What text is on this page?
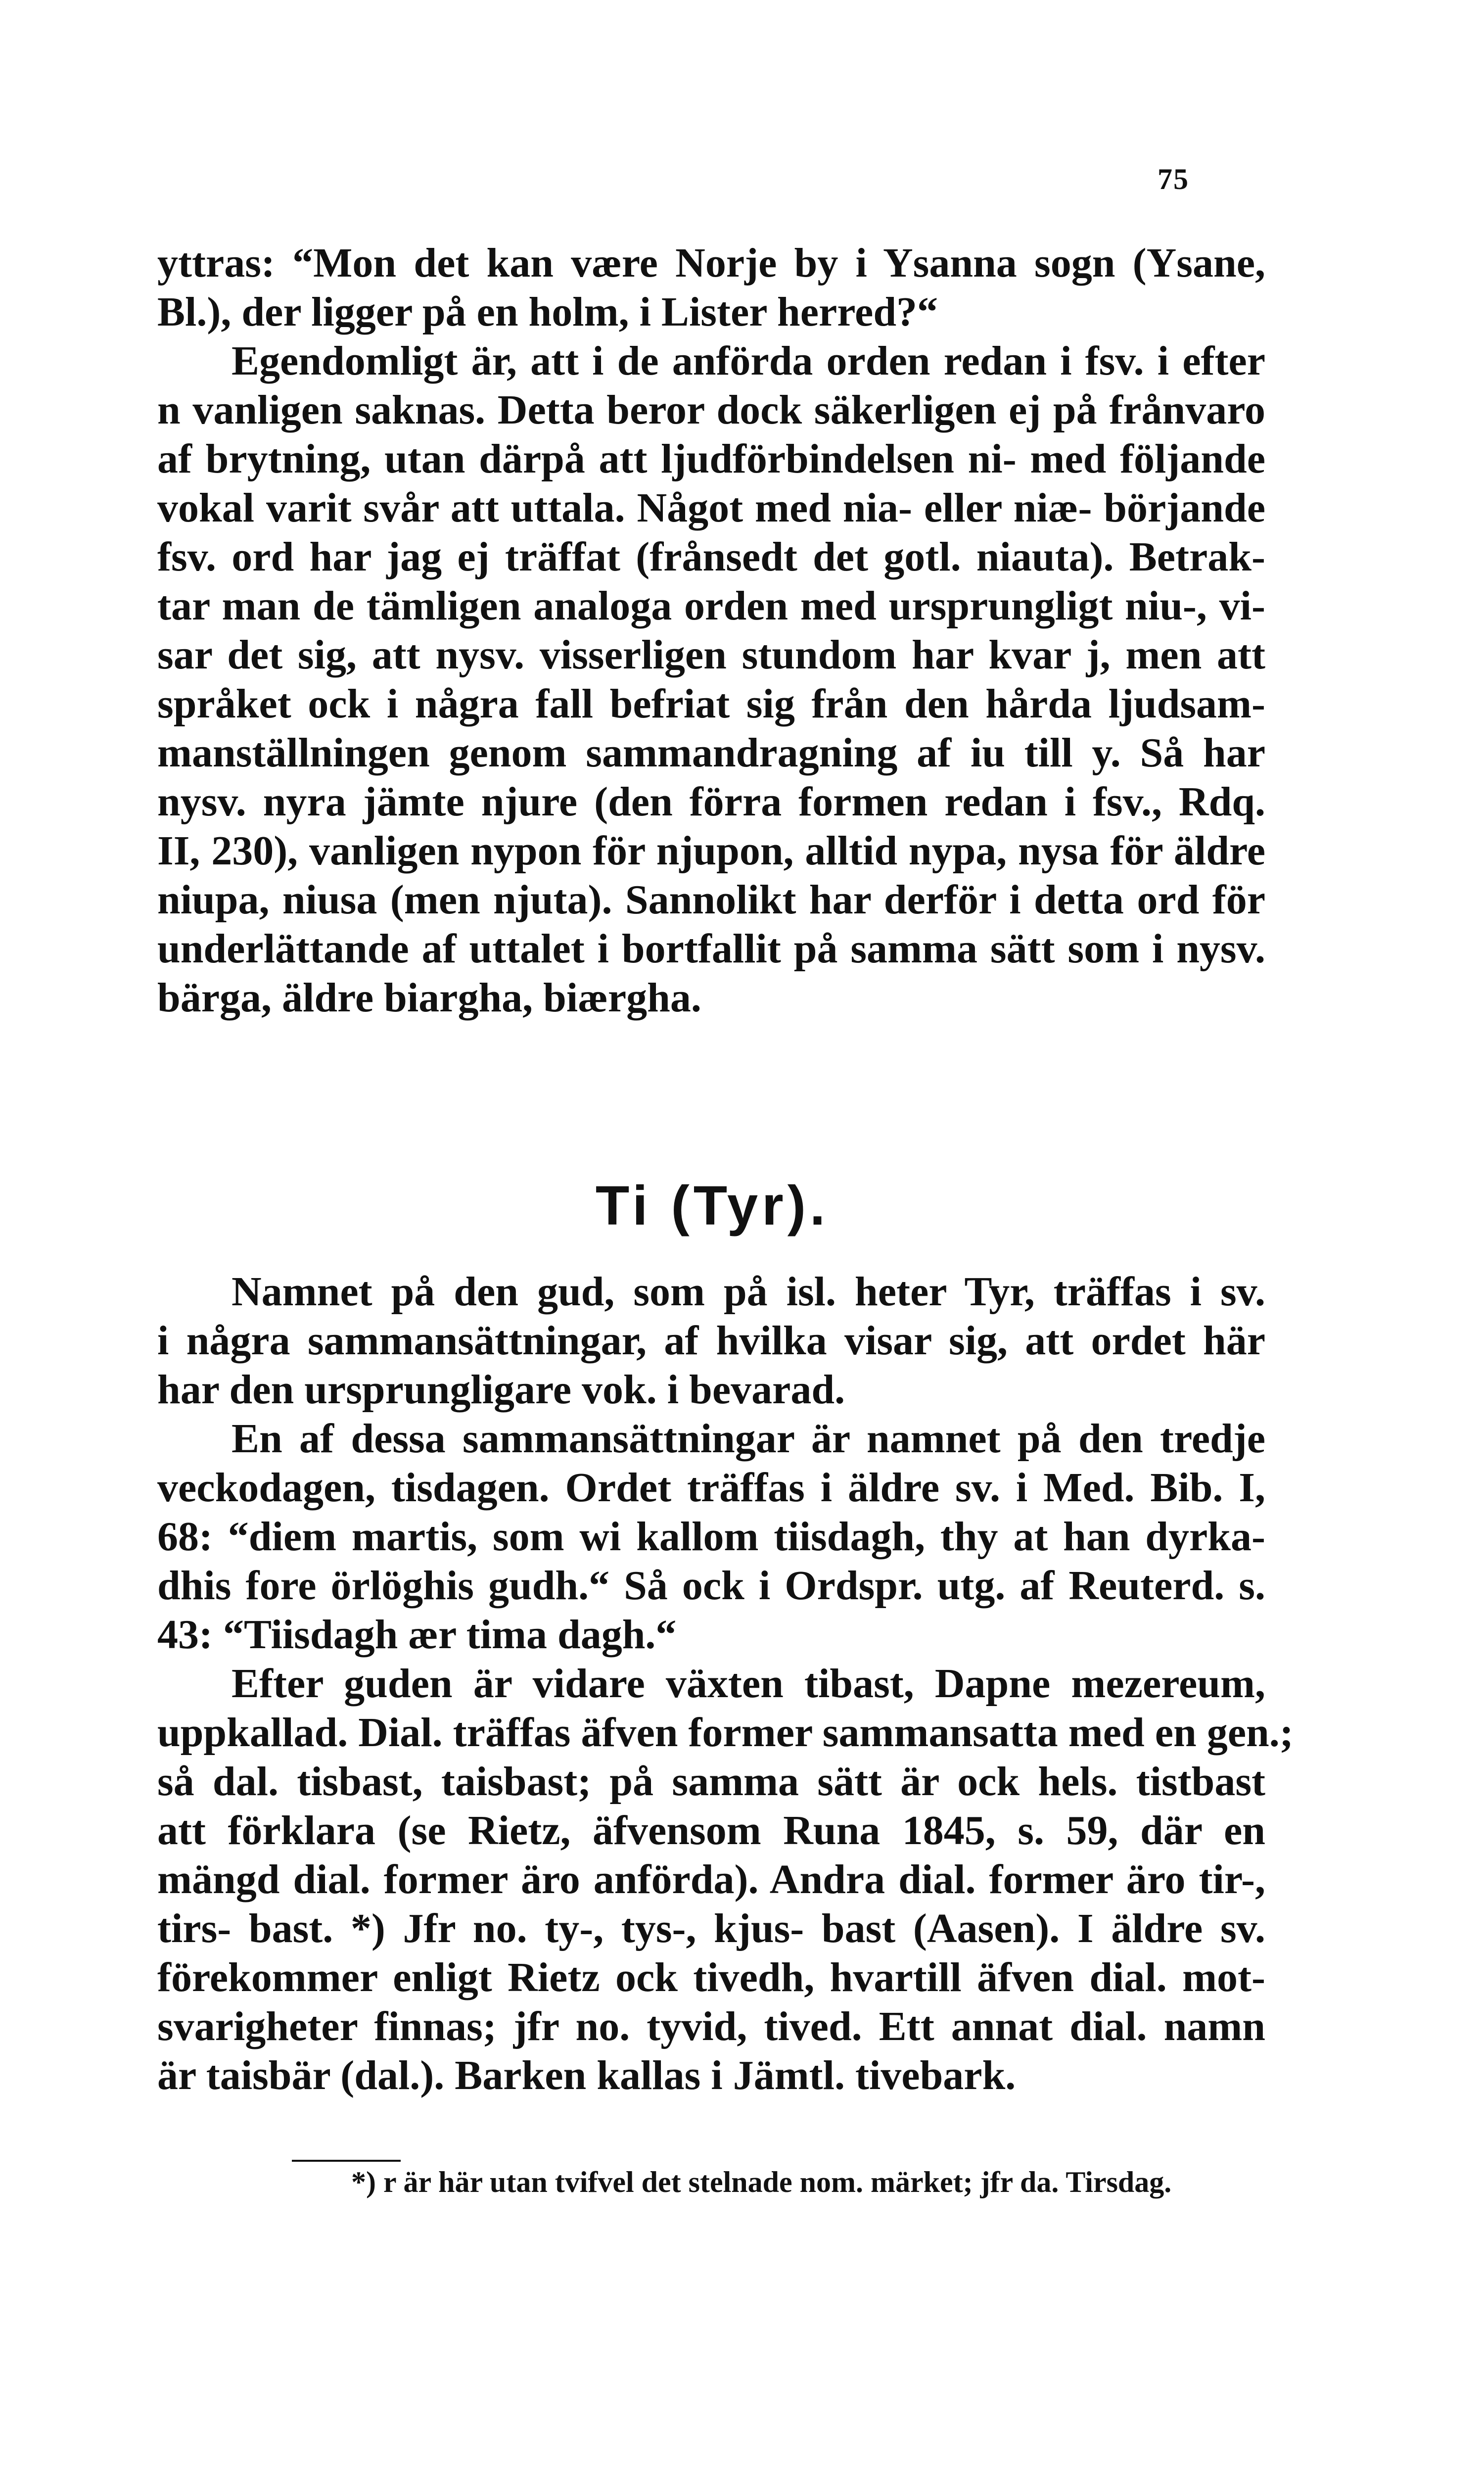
75
yttras: “Mon det kan være Norje by i Ysanna sogn (Ysane,
Bl.), der ligger på en holm, i Lister herred?“
Egendomligt är, att i de anförda orden redan i fsv. i efter
n vanligen saknas. Detta beror dock säkerligen ej på frånvaro
af brytning, utan därpå att ljudförbindelsen ni- med följande
vokal varit svår att uttala. Något med nia- eller niæ- börjande
fsv. ord har jag ej träffat (frånsedt det gotl. niauta). Betrak-
tar man de tämligen analoga orden med ursprungligt niu-, vi-
sar det sig, att nysv. visserligen stundom har kvar j, men att
språket ock i några fall befriat sig från den hårda ljudsam-
manställningen genom sammandragning af iu till y. Så har
nysv. nyra jämte njure (den förra formen redan i fsv., Rdq.
II, 230), vanligen nypon för njupon, alltid nypa, nysa för äldre
niupa, niusa (men njuta). Sannolikt har derför i detta ord för
underlättande af uttalet i bortfallit på samma sätt som i nysv.
bärga, äldre biargha, biærgha.
Ti (Tyr).
Namnet på den gud, som på isl. heter Tyr, träffas i sv.
i några sammansättningar, af hvilka visar sig, att ordet här
har den ursprungligare vok. i bevarad.
En af dessa sammansättningar är namnet på den tredje
veckodagen, tisdagen. Ordet träffas i äldre sv. i Med. Bib. I,
68: “diem martis, som wi kallom tiisdagh, thy at han dyrka-
dhis fore örlöghis gudh.“ Så ock i Ordspr. utg. af Reuterd. s.
43: “Tiisdagh ær tima dagh.“
Efter guden är vidare växten tibast, Dapne mezereum,
uppkallad. Dial. träffas äfven former sammansatta med en gen.;
så dal. tisbast, taisbast; på samma sätt är ock hels. tistbast
att förklara (se Rietz, äfvensom Runa 1845, s. 59, där en
mängd dial. former äro anförda). Andra dial. former äro tir-,
tirs- bast. *) Jfr no. ty-, tys-, kjus- bast (Aasen). I äldre sv.
förekommer enligt Rietz ock tivedh, hvartill äfven dial. mot-
svarigheter finnas; jfr no. tyvid, tived. Ett annat dial. namn
är taisbär (dal.). Barken kallas i Jämtl. tivebark.
*) r är här utan tvifvel det stelnade nom. märket; jfr da. Tirsdag.
